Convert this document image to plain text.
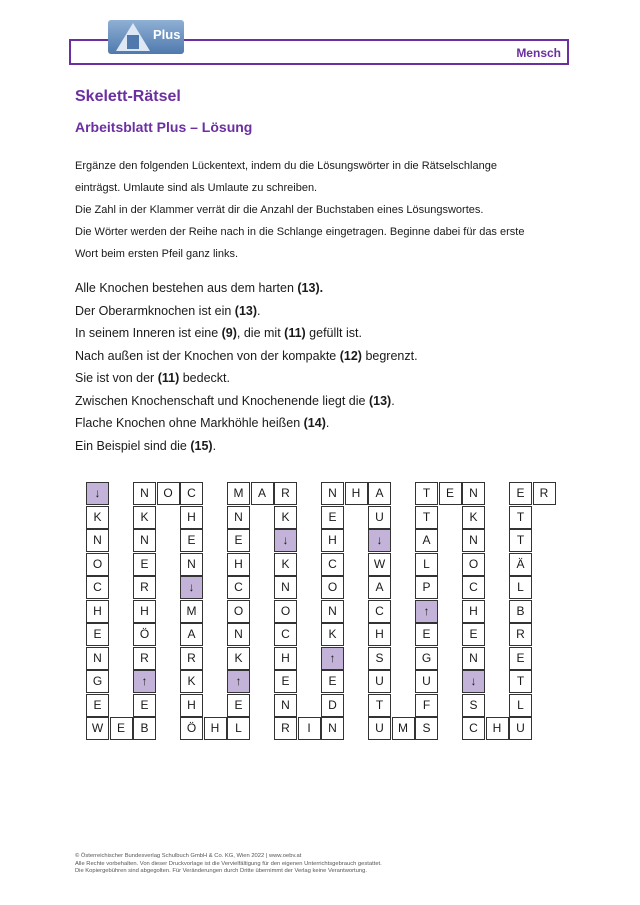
Mensch
Plus
Skelett-Rätsel
Arbeitsblatt Plus – Lösung
Ergänze den folgenden Lückentext, indem du die Lösungswörter in die Rätselschlange
einträgst. Umlaute sind als Umlaute zu schreiben.
Die Zahl in der Klammer verrät dir die Anzahl der Buchstaben eines Lösungswortes.
Die Wörter werden der Reihe nach in die Schlange eingetragen. Beginne dabei für das erste
Wort beim ersten Pfeil ganz links.
Alle Knochen bestehen aus dem harten (13).
Der Oberarmknochen ist ein (13).
In seinem Inneren ist eine (9), die mit (11) gefüllt ist.
Nach außen ist der Knochen von der kompakte (12) begrenzt.
Sie ist von der (11) bedeckt.
Zwischen Knochenschaft und Knochenende liegt die (13).
Flache Knochen ohne Markhöhle heißen (14).
Ein Beispiel sind die (15).
↓
K
N
O
C
H
E
N
G
E
W	E
N
K
N
E
R
H
Ö
R
↑
E
B
O	C
H
E
N
↓
M
A
R
K
H
Ö	H
M
N
E
H
C
O
N
K
↑
E
L
A	R
K
↓
K
N
O
C
H
E
N
R	I
N
E
H
C
O
N
K
↑
E
D
N
H	A
U
↓
W
A
C
H
S
U
T
U	M
T
T
A
L
P
↑
E
G
U
F
S
E	N
K
N
O
C
H
E
N
↓
S
C	H
E
T
T
Ä
L
B
R
E
T
L
U
R
© Österreichischer Bundesverlag Schulbuch GmbH & Co. KG, Wien 2022 | www.oebv.at
Alle Rechte vorbehalten. Von dieser Druckvorlage ist die Vervielfältigung für den eigenen Unterrichtsgebrauch gestattet.
Die Kopiergebühren sind abgegolten. Für Veränderungen durch Dritte übernimmt der Verlag keine Verantwortung.
